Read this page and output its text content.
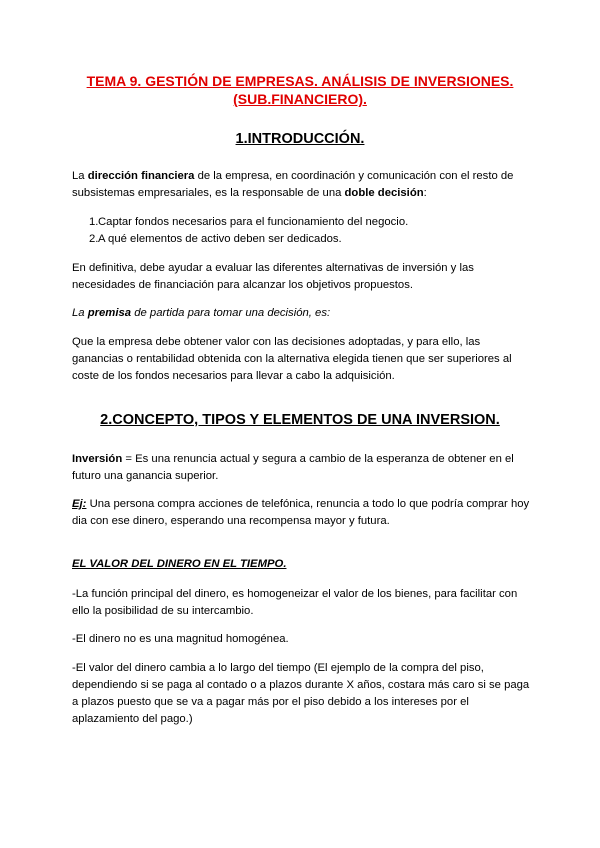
TEMA 9. GESTIÓN DE EMPRESAS. ANÁLISIS DE INVERSIONES.
(SUB.FINANCIERO).
1.INTRODUCCIÓN.

La dirección financiera de la empresa, en coordinación y comunicación con el resto de subsistemas empresariales, es la responsable de una doble decisión:

1. Captar fondos necesarios para el funcionamiento del negocio.
2. A qué elementos de activo deben ser dedicados.

En definitiva, debe ayudar a evaluar las diferentes alternativas de inversión y las necesidades de financiación para alcanzar los objetivos propuestos.

La premisa de partida para tomar una decisión, es:

Que la empresa debe obtener valor con las decisiones adoptadas, y para ello, las ganancias o rentabilidad obtenida con la alternativa elegida tienen que ser superiores al coste de los fondos necesarios para llevar a cabo la adquisición.

2.CONCEPTO, TIPOS Y ELEMENTOS DE UNA INVERSION.

Inversión = Es una renuncia actual y segura a cambio de la esperanza de obtener en el futuro una ganancia superior.

Ej: Una persona compra acciones de telefónica, renuncia a todo lo que podría comprar hoy dia con ese dinero, esperando una recompensa mayor y futura.

EL VALOR DEL DINERO EN EL TIEMPO.

-La función principal del dinero, es homogeneizar el valor de los bienes, para facilitar con ello la posibilidad de su intercambio.

-El dinero no es una magnitud homogénea.

-El valor del dinero cambia a lo largo del tiempo (El ejemplo de la compra del piso, dependiendo si se paga al contado o a plazos durante X años, costara más caro si se paga a plazos puesto que se va a pagar más por el piso debido a los intereses por el aplazamiento del pago.)
